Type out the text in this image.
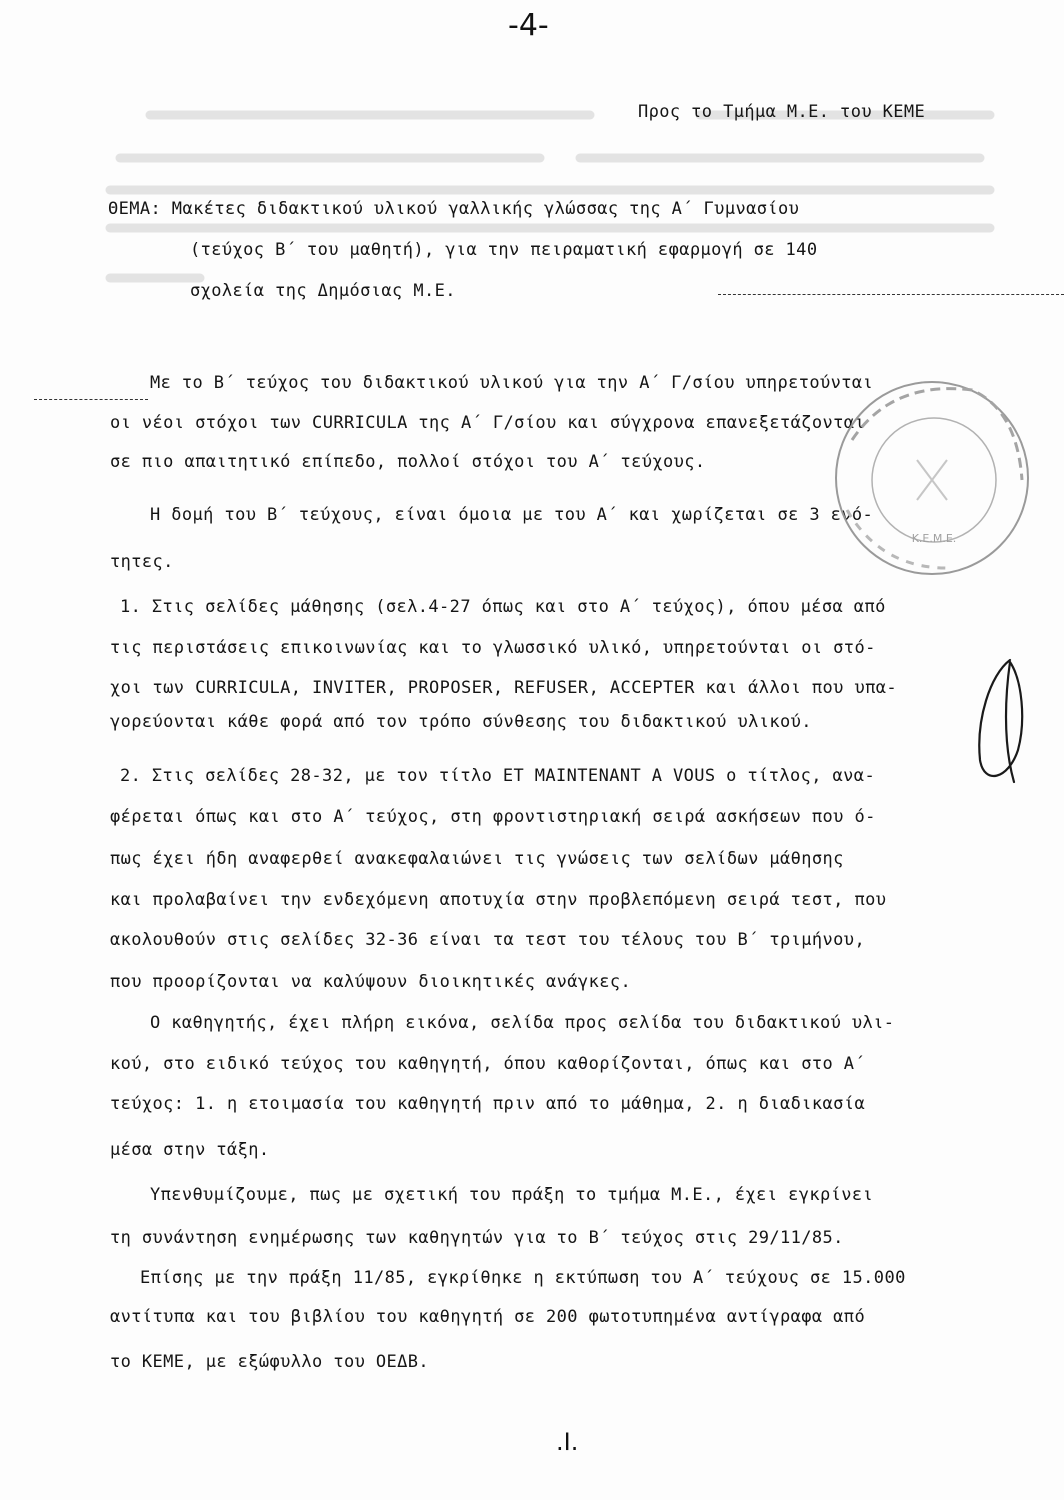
-4-
Προς το Τμήμα Μ.Ε. του ΚΕΜΕ
ΘΕΜΑ: Μακέτες διδακτικού υλικού γαλλικής γλώσσας της Α΄ Γυμνασίου
(τεύχος Β΄ του μαθητή), για την πειραματική εφαρμογή σε 140
σχολεία της Δημόσιας Μ.Ε.
Με το Β΄ τεύχος του διδακτικού υλικού για την Α΄ Γ/σίου υπηρετούνται
οι νέοι στόχοι των CURRICULA της Α΄ Γ/σίου και σύγχρονα επανεξετάζονται
σε πιο απαιτητικό επίπεδο, πολλοί στόχοι του Α΄ τεύχους.
Η δομή του Β΄ τεύχους, είναι όμοια με του Α΄ και χωρίζεται σε 3 ενό-
τητες.
1. Στις σελίδες μάθησης (σελ.4-27 όπως και στο Α΄ τεύχος), όπου μέσα από
τις περιστάσεις επικοινωνίας και το γλωσσικό υλικό, υπηρετούνται οι στό-
χοι των CURRICULA, INVITER, PROPOSER, REFUSER, ACCEPTER και άλλοι που υπα-
γορεύονται κάθε φορά από τον τρόπο σύνθεσης του διδακτικού υλικού.
2. Στις σελίδες 28-32, με τον τίτλο ET MAINTENANT A VOUS ο τίτλος, ανα-
φέρεται όπως και στο Α΄ τεύχος, στη φροντιστηριακή σειρά ασκήσεων που ό-
πως έχει ήδη αναφερθεί ανακεφαλαιώνει τις γνώσεις των σελίδων μάθησης
και προλαβαίνει την ενδεχόμενη αποτυχία στην προβλεπόμενη σειρά τεστ, που
ακολουθούν στις σελίδες 32-36 είναι τα τεστ του τέλους του Β΄ τριμήνου,
που προορίζονται να καλύψουν διοικητικές ανάγκες.
Ο καθηγητής, έχει πλήρη εικόνα, σελίδα προς σελίδα του διδακτικού υλι-
κού, στο ειδικό τεύχος του καθηγητή, όπου καθορίζονται, όπως και στο Α΄
τεύχος: 1. η ετοιμασία του καθηγητή πριν από το μάθημα, 2. η διαδικασία
μέσα στην τάξη.
Υπενθυμίζουμε, πως με σχετική του πράξη το τμήμα Μ.Ε., έχει εγκρίνει
τη συνάντηση ενημέρωσης των καθηγητών για το Β΄ τεύχος στις 29/11/85.
Επίσης με την πράξη 11/85, εγκρίθηκε η εκτύπωση του Α΄ τεύχους σε 15.000
αντίτυπα και του βιβλίου του καθηγητή σε 200 φωτοτυπημένα αντίγραφα από
το ΚΕΜΕ, με εξώφυλλο του ΟΕΔΒ.
Κ.Ε.Μ.Ε.
.Ι.
